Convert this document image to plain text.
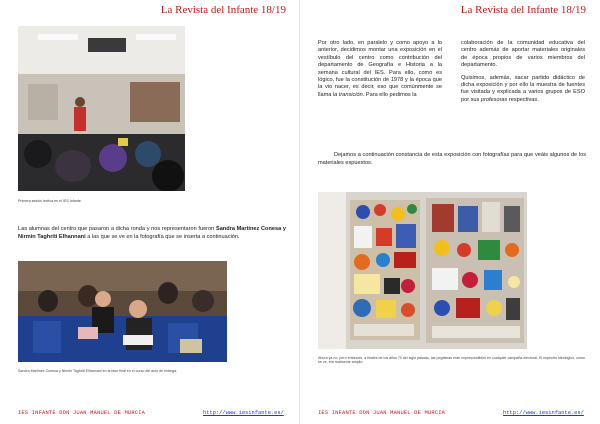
La Revista del Infante 18/19
Primera sesión lectiva en el IES Infante.

Las alumnas del centro que pasaron a dicha ronda y nos representaron fueron Sandra Martínez Conesa y Nirmin Taghriti Elhannani a las que se ve en la fotografía que se inserta a continuación.

Sandra Martínez Conesa y Nirmin Taghriti Elhannani en la fase final en el curso del acto de entrega.
IES INFANTE DON JUAN MANUEL DE MURCIA	http://www.iesinfante.es/
La Revista del Infante 18/19

Por otro lado, en paralelo y como apoyo a lo anterior, decidimos montar una exposición en el vestíbulo del centro como contribución del departamento de Geografía e Historia a la semana cultural del IES. Para ello, como es lógico, fue la constitución de 1978 y la época que la vio nacer, es decir, eso que comúnmente se llama la transición. Para ello pedimos la

colaboración de la comunidad educativa del centro además de aportar materiales originales de época propios de varios miembros del departamento.

Quisimos, además, sacar partido didáctico de dicha exposición y por ello la muestra de fuentes fue visitada y explicada a varios grupos de ESO por sus profesoras respectivas.

Dejamos a continuación constancia de esta exposición con fotografías para que veáis algunos de los materiales expuestos.

Ahora ya no, pero entonces, a finales de los años 70 del siglo pasado, las pegatinas eran imprescindibles en cualquier campaña electoral. El espectro ideológico, como se ve, era realmente amplio.
IES INFANTE DON JUAN MANUEL DE MURCIA	http://www.iesinfante.es/
